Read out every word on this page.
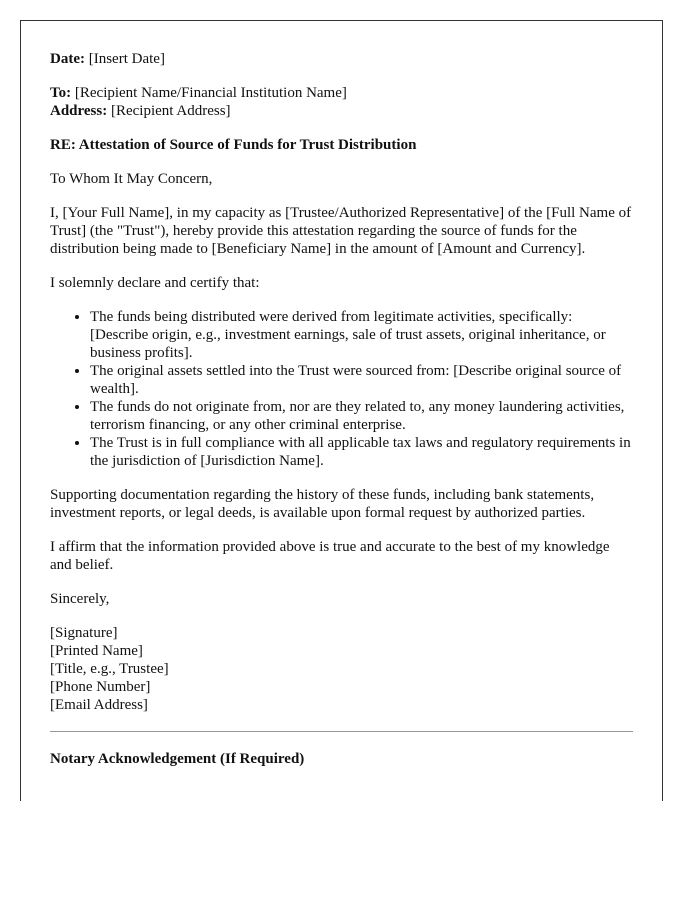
Date: [Insert Date]

To: [Recipient Name/Financial Institution Name]
Address: [Recipient Address]

RE: Attestation of Source of Funds for Trust Distribution

To Whom It May Concern,

I, [Your Full Name], in my capacity as [Trustee/Authorized Representative] of the [Full Name of Trust] (the "Trust"), hereby provide this attestation regarding the source of funds for the distribution being made to [Beneficiary Name] in the amount of [Amount and Currency].

I solemnly declare and certify that:

• The funds being distributed were derived from legitimate activities, specifically: [Describe origin, e.g., investment earnings, sale of trust assets, original inheritance, or business profits].
• The original assets settled into the Trust were sourced from: [Describe original source of wealth].
• The funds do not originate from, nor are they related to, any money laundering activities, terrorism financing, or any other criminal enterprise.
• The Trust is in full compliance with all applicable tax laws and regulatory requirements in the jurisdiction of [Jurisdiction Name].

Supporting documentation regarding the history of these funds, including bank statements, investment reports, or legal deeds, is available upon formal request by authorized parties.

I affirm that the information provided above is true and accurate to the best of my knowledge and belief.

Sincerely,

[Signature]
[Printed Name]
[Title, e.g., Trustee]
[Phone Number]
[Email Address]
Notary Acknowledgement (If Required)
